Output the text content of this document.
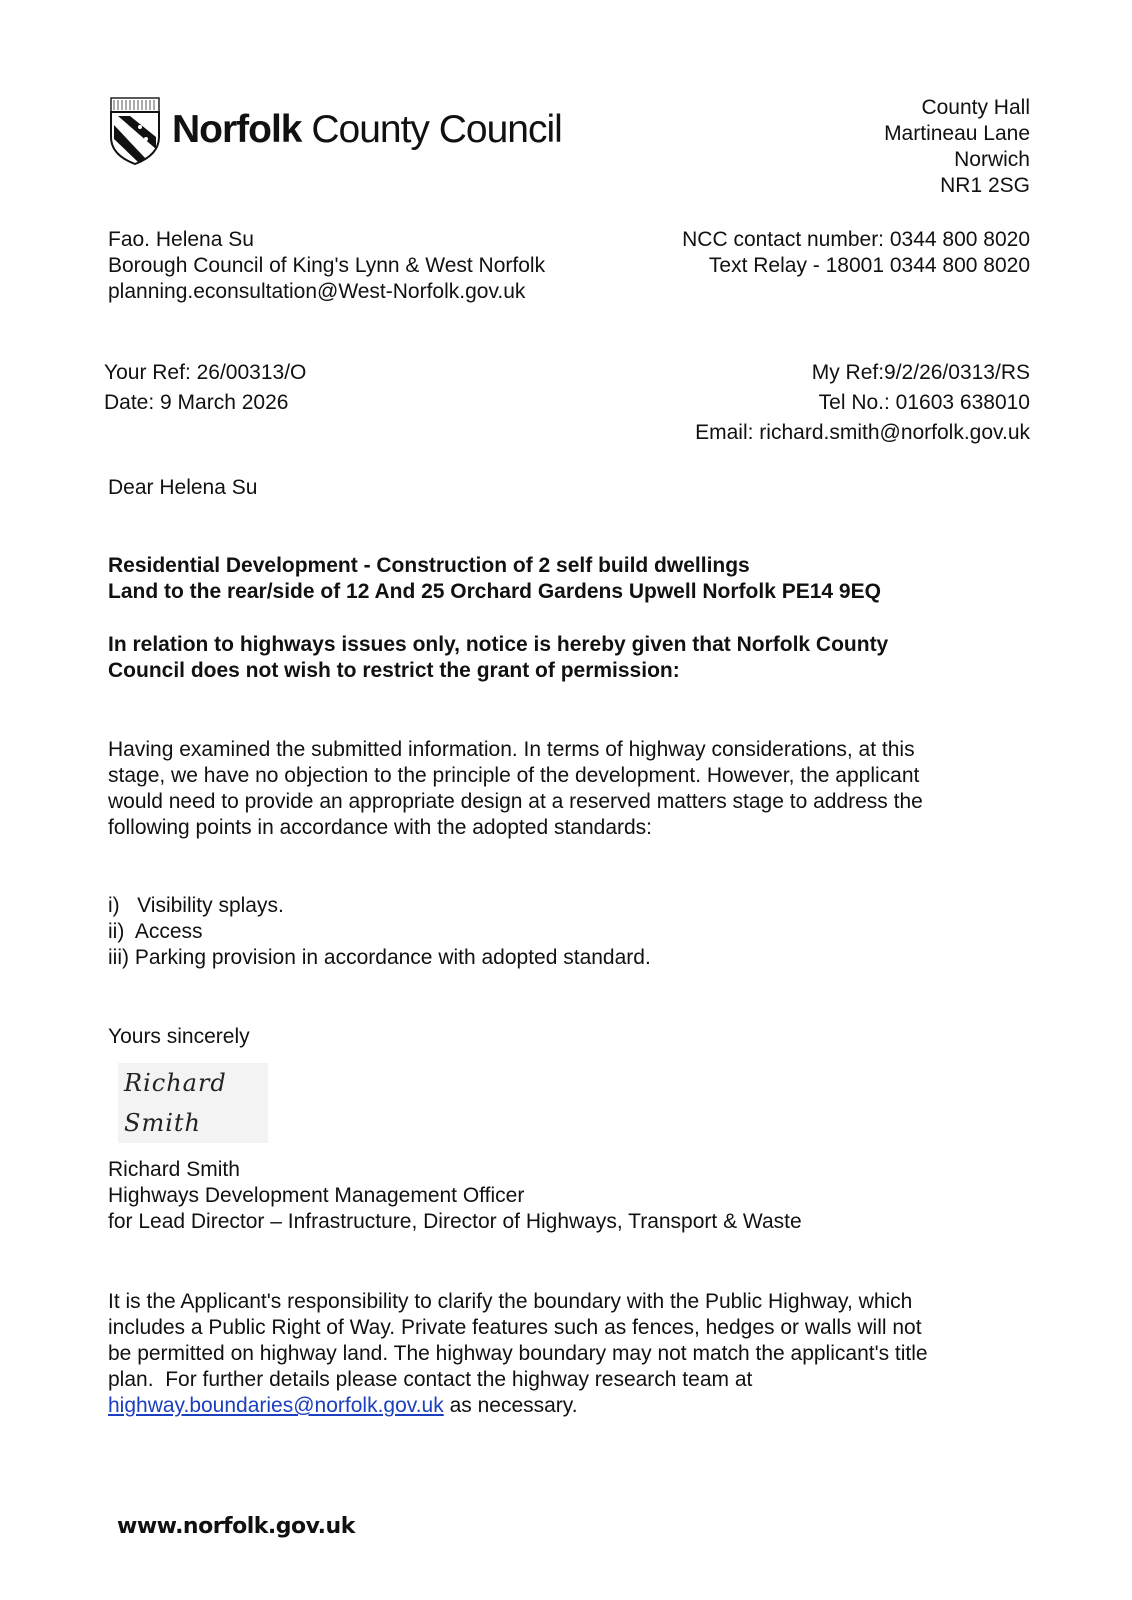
Norfolk County Council
County Hall
Martineau Lane
Norwich
NR1 2SG
Fao. Helena Su
Borough Council of King's Lynn & West Norfolk
planning.econsultation@West-Norfolk.gov.uk
NCC contact number: 0344 800 8020
Text Relay - 18001 0344 800 8020
Your Ref: 26/00313/O
Date: 9 March 2026
My Ref:9/2/26/0313/RS
Tel No.: 01603 638010
Email: richard.smith@norfolk.gov.uk
Dear Helena Su
Residential Development - Construction of 2 self build dwellings
Land to the rear/side of 12 And 25 Orchard Gardens Upwell Norfolk PE14 9EQ
In relation to highways issues only, notice is hereby given that Norfolk County
Council does not wish to restrict the grant of permission:
Having examined the submitted information. In terms of highway considerations, at this
stage, we have no objection to the principle of the development. However, the applicant
would need to provide an appropriate design at a reserved matters stage to address the
following points in accordance with the adopted standards:
i)   Visibility splays.
ii)  Access
iii) Parking provision in accordance with adopted standard.
Yours sincerely
Richard Smith
Richard Smith
Highways Development Management Officer
for Lead Director – Infrastructure, Director of Highways, Transport & Waste
It is the Applicant's responsibility to clarify the boundary with the Public Highway, which
includes a Public Right of Way. Private features such as fences, hedges or walls will not
be permitted on highway land. The highway boundary may not match the applicant's title
plan.  For further details please contact the highway research team at
highway.boundaries@norfolk.gov.uk as necessary.
www.norfolk.gov.uk
